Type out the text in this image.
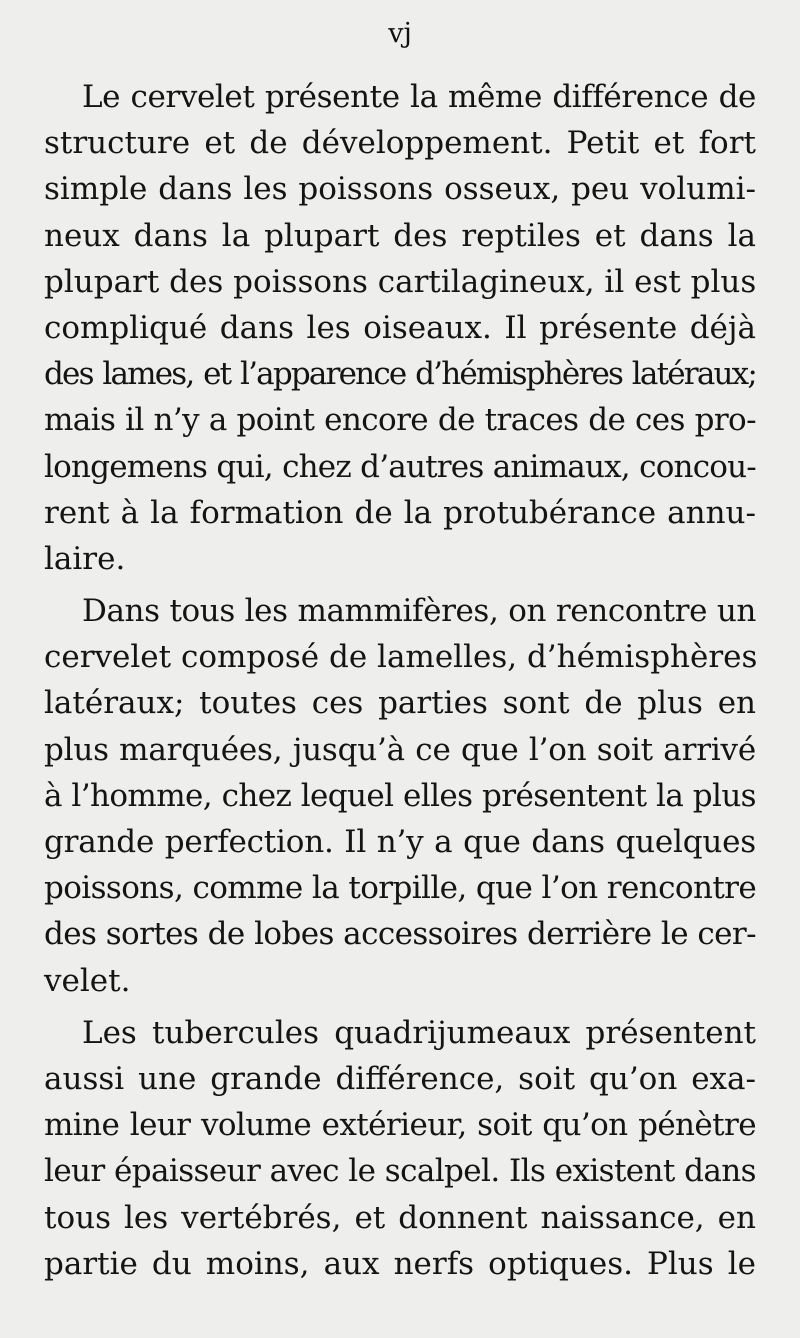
vj
Le cervelet présente la même différence de
structure et de développement. Petit et fort
simple dans les poissons osseux, peu volumi-
neux dans la plupart des reptiles et dans la
plupart des poissons cartilagineux, il est plus
compliqué dans les oiseaux. Il présente déjà
des lames, et l’apparence d’hémisphères latéraux;
mais il n’y a point encore de traces de ces pro-
longemens qui, chez d’autres animaux, concou-
rent à la formation de la protubérance annu-
laire.
Dans tous les mammifères, on rencontre un
cervelet composé de lamelles, d’hémisphères
latéraux; toutes ces parties sont de plus en
plus marquées, jusqu’à ce que l’on soit arrivé
à l’homme, chez lequel elles présentent la plus
grande perfection. Il n’y a que dans quelques
poissons, comme la torpille, que l’on rencontre
des sortes de lobes accessoires derrière le cer-
velet.
Les tubercules quadrijumeaux présentent
aussi une grande différence, soit qu’on exa-
mine leur volume extérieur, soit qu’on pénètre
leur épaisseur avec le scalpel. Ils existent dans
tous les vertébrés, et donnent naissance, en
partie du moins, aux nerfs optiques. Plus le
